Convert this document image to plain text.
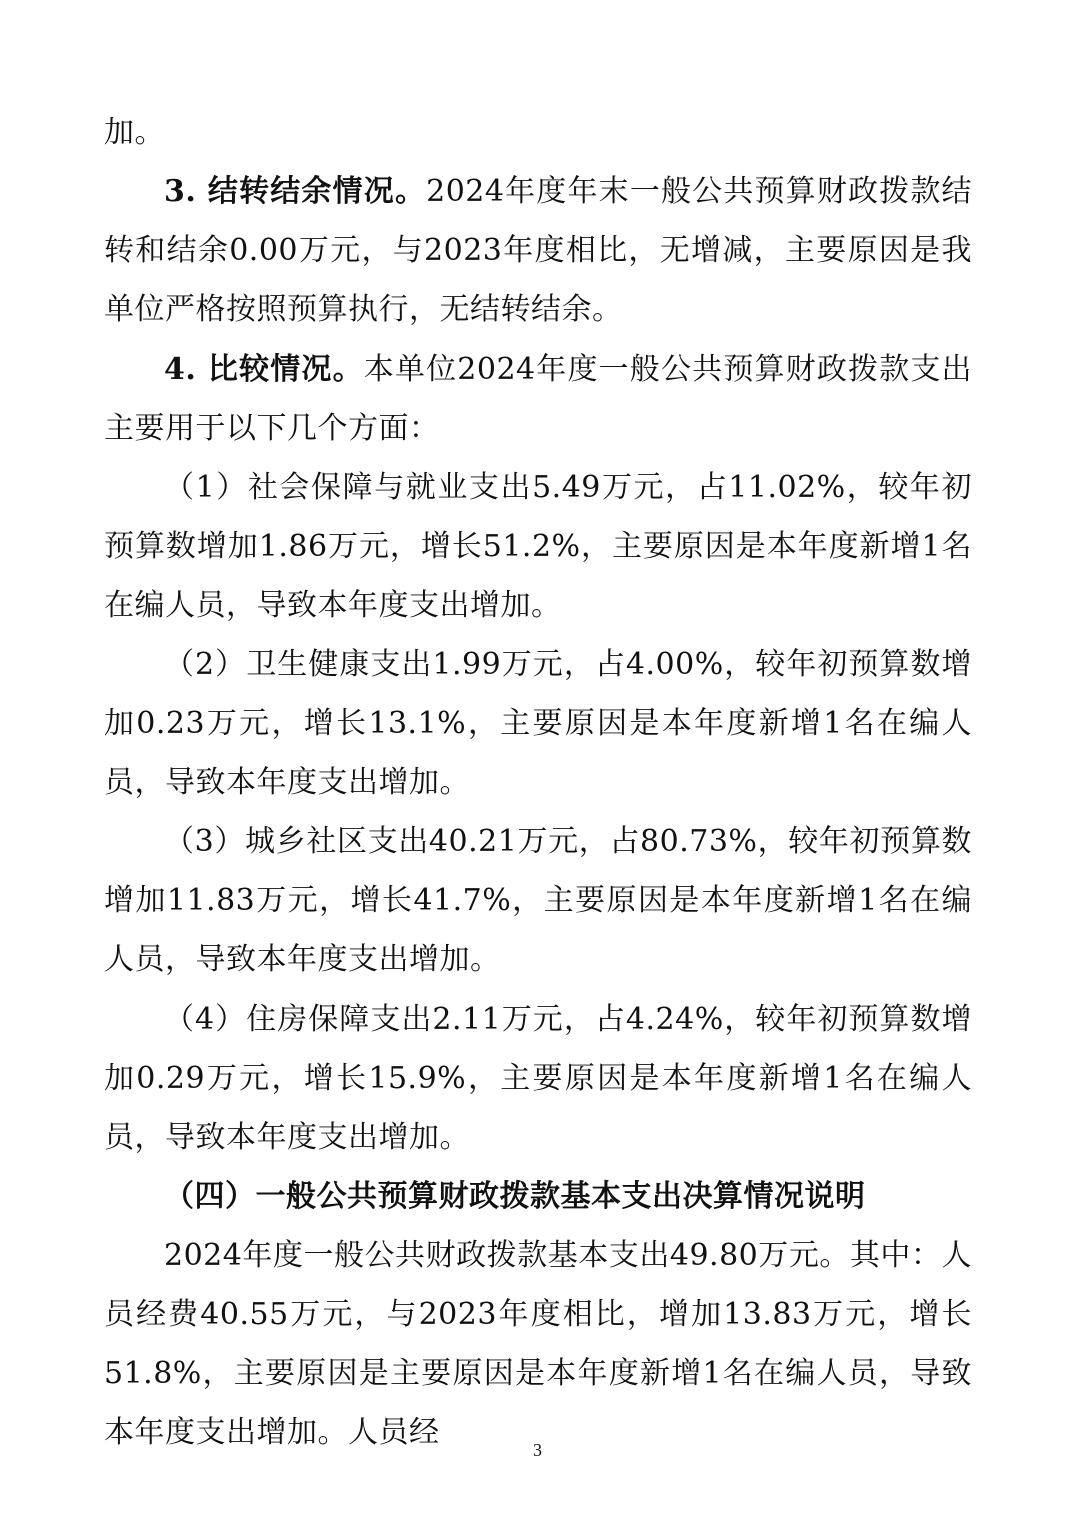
加。

3. 结转结余情况。2024年度年末一般公共预算财政拨款结转和结余0.00万元，与2023年度相比，无增减，主要原因是我单位严格按照预算执行，无结转结余。

4. 比较情况。本单位2024年度一般公共预算财政拨款支出主要用于以下几个方面：

（1）社会保障与就业支出5.49万元，占11.02%，较年初预算数增加1.86万元，增长51.2%，主要原因是本年度新增1名在编人员，导致本年度支出增加。

（2）卫生健康支出1.99万元，占4.00%，较年初预算数增加0.23万元，增长13.1%，主要原因是本年度新增1名在编人员，导致本年度支出增加。

（3）城乡社区支出40.21万元，占80.73%，较年初预算数增加11.83万元，增长41.7%，主要原因是本年度新增1名在编人员，导致本年度支出增加。

（4）住房保障支出2.11万元，占4.24%，较年初预算数增加0.29万元，增长15.9%，主要原因是本年度新增1名在编人员，导致本年度支出增加。

（四）一般公共预算财政拨款基本支出决算情况说明

2024年度一般公共财政拨款基本支出49.80万元。其中：人员经费40.55万元，与2023年度相比，增加13.83万元，增长51.8%，主要原因是主要原因是本年度新增1名在编人员，导致本年度支出增加。人员经	3
